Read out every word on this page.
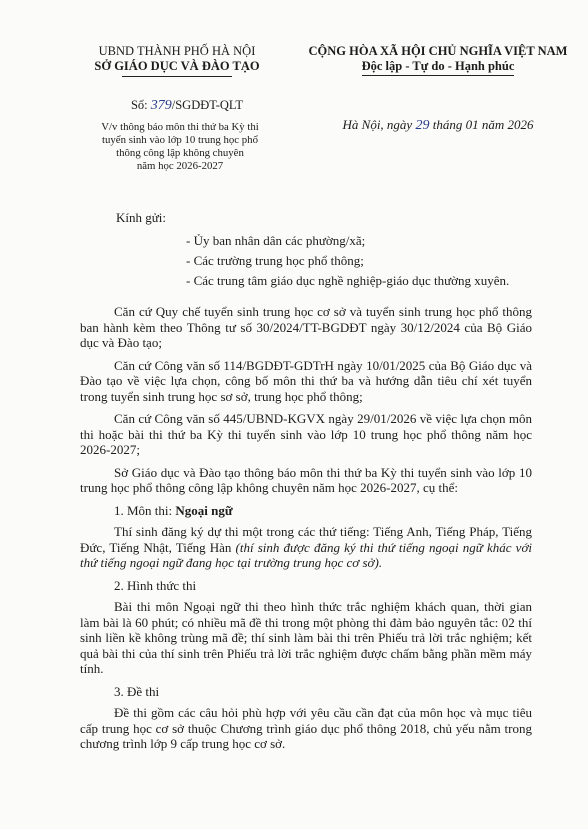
UBND THÀNH PHỐ HÀ NỘI
SỞ GIÁO DỤC VÀ ĐÀO TẠO
CỘNG HÒA XÃ HỘI CHỦ NGHĨA VIỆT NAM
Độc lập - Tự do - Hạnh phúc
Số: 379/SGDĐT-QLT
V/v thông báo môn thi thứ ba Kỳ thi
tuyển sinh vào lớp 10 trung học phổ
thông công lập không chuyên
năm học 2026-2027
Hà Nội, ngày 29 tháng 01 năm 2026
Kính gửi:
- Ủy ban nhân dân các phường/xã;
- Các trường trung học phổ thông;
- Các trung tâm giáo dục nghề nghiệp-giáo dục thường xuyên.

Căn cứ Quy chế tuyển sinh trung học cơ sở và tuyển sinh trung học phổ thông ban hành kèm theo Thông tư số 30/2024/TT-BGDĐT ngày 30/12/2024 của Bộ Giáo dục và Đào tạo;

Căn cứ Công văn số 114/BGDĐT-GDTrH ngày 10/01/2025 của Bộ Giáo dục và Đào tạo về việc lựa chọn, công bố môn thi thứ ba và hướng dẫn tiêu chí xét tuyển trong tuyển sinh trung học sơ sở, trung học phổ thông;

Căn cứ Công văn số 445/UBND-KGVX ngày 29/01/2026 về việc lựa chọn môn thi hoặc bài thi thứ ba Kỳ thi tuyển sinh vào lớp 10 trung học phổ thông năm học 2026-2027;

Sở Giáo dục và Đào tạo thông báo môn thi thứ ba Kỳ thi tuyển sinh vào lớp 10 trung học phổ thông công lập không chuyên năm học 2026-2027, cụ thể:

1. Môn thi: Ngoại ngữ

Thí sinh đăng ký dự thi một trong các thứ tiếng: Tiếng Anh, Tiếng Pháp, Tiếng Đức, Tiếng Nhật, Tiếng Hàn (thí sinh được đăng ký thi thứ tiếng ngoại ngữ khác với thứ tiếng ngoại ngữ đang học tại trường trung học cơ sở).

2. Hình thức thi

Bài thi môn Ngoại ngữ thi theo hình thức trắc nghiệm khách quan, thời gian làm bài là 60 phút; có nhiều mã đề thi trong một phòng thi đảm bảo nguyên tắc: 02 thí sinh liền kề không trùng mã đề; thí sinh làm bài thi trên Phiếu trả lời trắc nghiệm; kết quả bài thi của thí sinh trên Phiếu trả lời trắc nghiệm được chấm bằng phần mềm máy tính.

3. Đề thi

Đề thi gồm các câu hỏi phù hợp với yêu cầu cần đạt của môn học và mục tiêu cấp trung học cơ sở thuộc Chương trình giáo dục phổ thông 2018, chủ yếu nằm trong chương trình lớp 9 cấp trung học cơ sở.
